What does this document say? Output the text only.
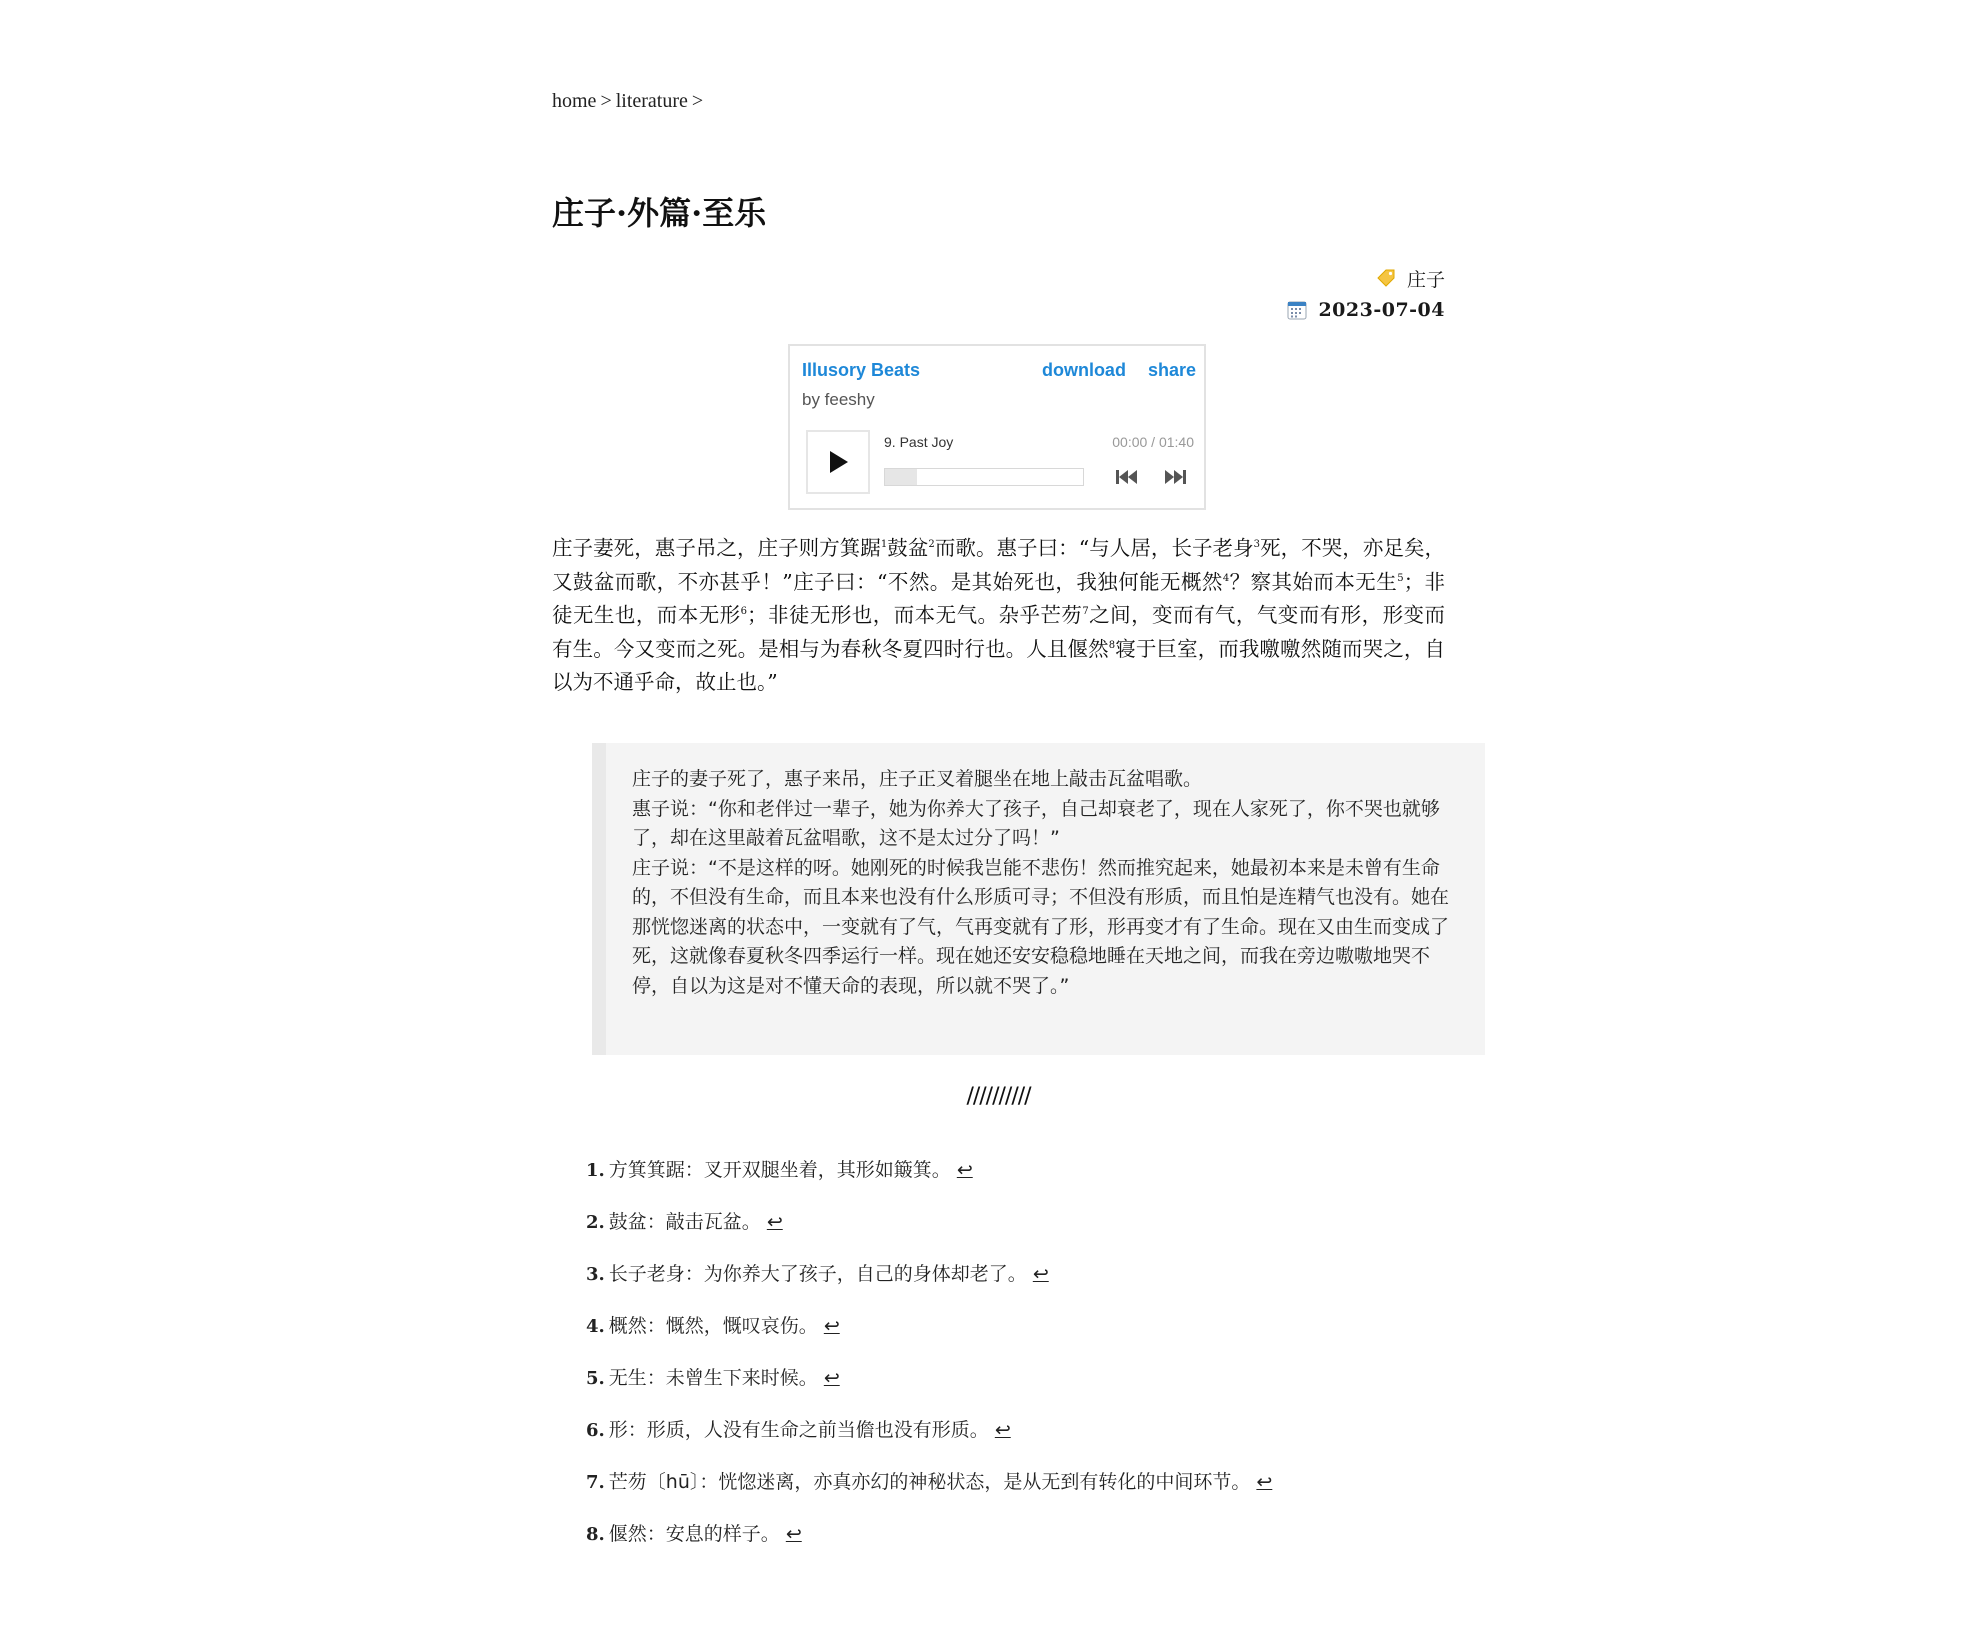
home > literature >
庄子·外篇·至乐
庄子
2023-07-04
Illusory Beats
by feeshy
download share
9. Past Joy	00:00 / 01:40

庄子妻死，惠子吊之，庄子则方箕踞$^1$鼓盆$^2$而歌。惠子曰：“与人居，长子老身$^3$死，不哭，亦足矣，又鼓盆而歌，不亦甚乎！”庄子曰：“不然。是其始死也，我独何能无概然$^4$？察其始而本无生$^5$；非徒无生也，而本无形$^6$；非徒无形也，而本无气。杂乎芒芴$^7$之间，变而有气，气变而有形，形变而有生。今又变而之死。是相与为春秋冬夏四时行也。人且偃然$^8$寝于巨室，而我噭噭然随而哭之，自以为不通乎命，故止也。”

庄子的妻子死了，惠子来吊，庄子正叉着腿坐在地上敲击瓦盆唱歌。

惠子说：“你和老伴过一辈子，她为你养大了孩子，自己却衰老了，现在人家死了，你不哭也就够了，却在这里敲着瓦盆唱歌，这不是太过分了吗！”

庄子说：“不是这样的呀。她刚死的时候我岂能不悲伤！然而推究起来，她最初本来是未曾有生命的，不但没有生命，而且本来也没有什么形质可寻；不但没有形质，而且怕是连精气也没有。她在那恍惚迷离的状态中，一变就有了气，气再变就有了形，形再变才有了生命。现在又由生而变成了死，这就像春夏秋冬四季运行一样。现在她还安安稳稳地睡在天地之间，而我在旁边嗷嗷地哭不停，自以为这是对不懂天命的表现，所以就不哭了。”

//////////
1. 方箕箕踞：叉开双腿坐着，其形如簸箕。 ↩
2. 鼓盆：敲击瓦盆。 ↩
3. 长子老身：为你养大了孩子，自己的身体却老了。 ↩
4. 概然：慨然，慨叹哀伤。 ↩
5. 无生：未曾生下来时候。 ↩
6. 形：形质，人没有生命之前当儋也没有形质。 ↩
7. 芒芴〔hū〕：恍惚迷离，亦真亦幻的神秘状态，是从无到有转化的中间环节。 ↩
8. 偃然：安息的样子。 ↩
